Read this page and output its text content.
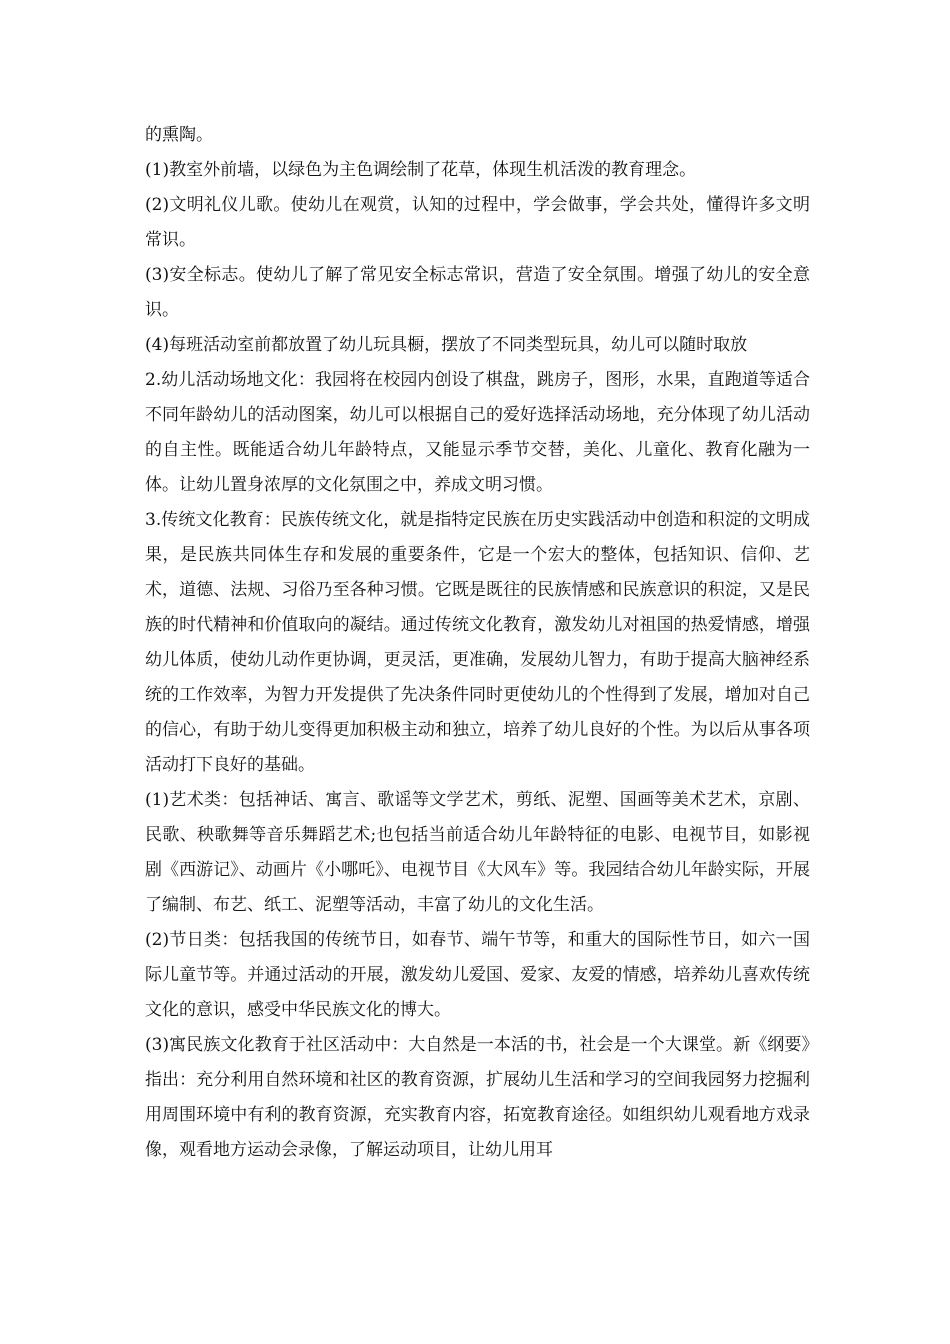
的熏陶。

(1)教室外前墙，以绿色为主色调绘制了花草，体现生机活泼的教育理念。

(2)文明礼仪儿歌。使幼儿在观赏，认知的过程中，学会做事，学会共处，懂得许多文明常识。

(3)安全标志。使幼儿了解了常见安全标志常识，营造了安全氛围。增强了幼儿的安全意识。

(4)每班活动室前都放置了幼儿玩具橱，摆放了不同类型玩具，幼儿可以随时取放

2.幼儿活动场地文化：我园将在校园内创设了棋盘，跳房子，图形，水果，直跑道等适合不同年龄幼儿的活动图案，幼儿可以根据自己的爱好选择活动场地，充分体现了幼儿活动的自主性。既能适合幼儿年龄特点，又能显示季节交替，美化、儿童化、教育化融为一体。让幼儿置身浓厚的文化氛围之中，养成文明习惯。

3.传统文化教育：民族传统文化，就是指特定民族在历史实践活动中创造和积淀的文明成果，是民族共同体生存和发展的重要条件，它是一个宏大的整体，包括知识、信仰、艺术，道德、法规、习俗乃至各种习惯。它既是既往的民族情感和民族意识的积淀，又是民族的时代精神和价值取向的凝结。通过传统文化教育，激发幼儿对祖国的热爱情感，增强幼儿体质，使幼儿动作更协调，更灵活，更准确，发展幼儿智力，有助于提高大脑神经系统的工作效率，为智力开发提供了先决条件同时更使幼儿的个性得到了发展，增加对自己的信心，有助于幼儿变得更加积极主动和独立，培养了幼儿良好的个性。为以后从事各项活动打下良好的基础。

(1)艺术类：包括神话、寓言、歌谣等文学艺术，剪纸、泥塑、国画等美术艺术，京剧、民歌、秧歌舞等音乐舞蹈艺术;也包括当前适合幼儿年龄特征的电影、电视节目，如影视剧《西游记》、动画片《小哪吒》、电视节目《大风车》等。我园结合幼儿年龄实际，开展了编制、布艺、纸工、泥塑等活动，丰富了幼儿的文化生活。

(2)节日类：包括我国的传统节日，如春节、端午节等，和重大的国际性节日，如六一国际儿童节等。并通过活动的开展，激发幼儿爱国、爱家、友爱的情感，培养幼儿喜欢传统文化的意识，感受中华民族文化的博大。

(3)寓民族文化教育于社区活动中：大自然是一本活的书，社会是一个大课堂。新《纲要》指出：充分利用自然环境和社区的教育资源，扩展幼儿生活和学习的空间我园努力挖掘利用周围环境中有利的教育资源，充实教育内容，拓宽教育途径。如组织幼儿观看地方戏录像，观看地方运动会录像，了解运动项目，让幼儿用耳
